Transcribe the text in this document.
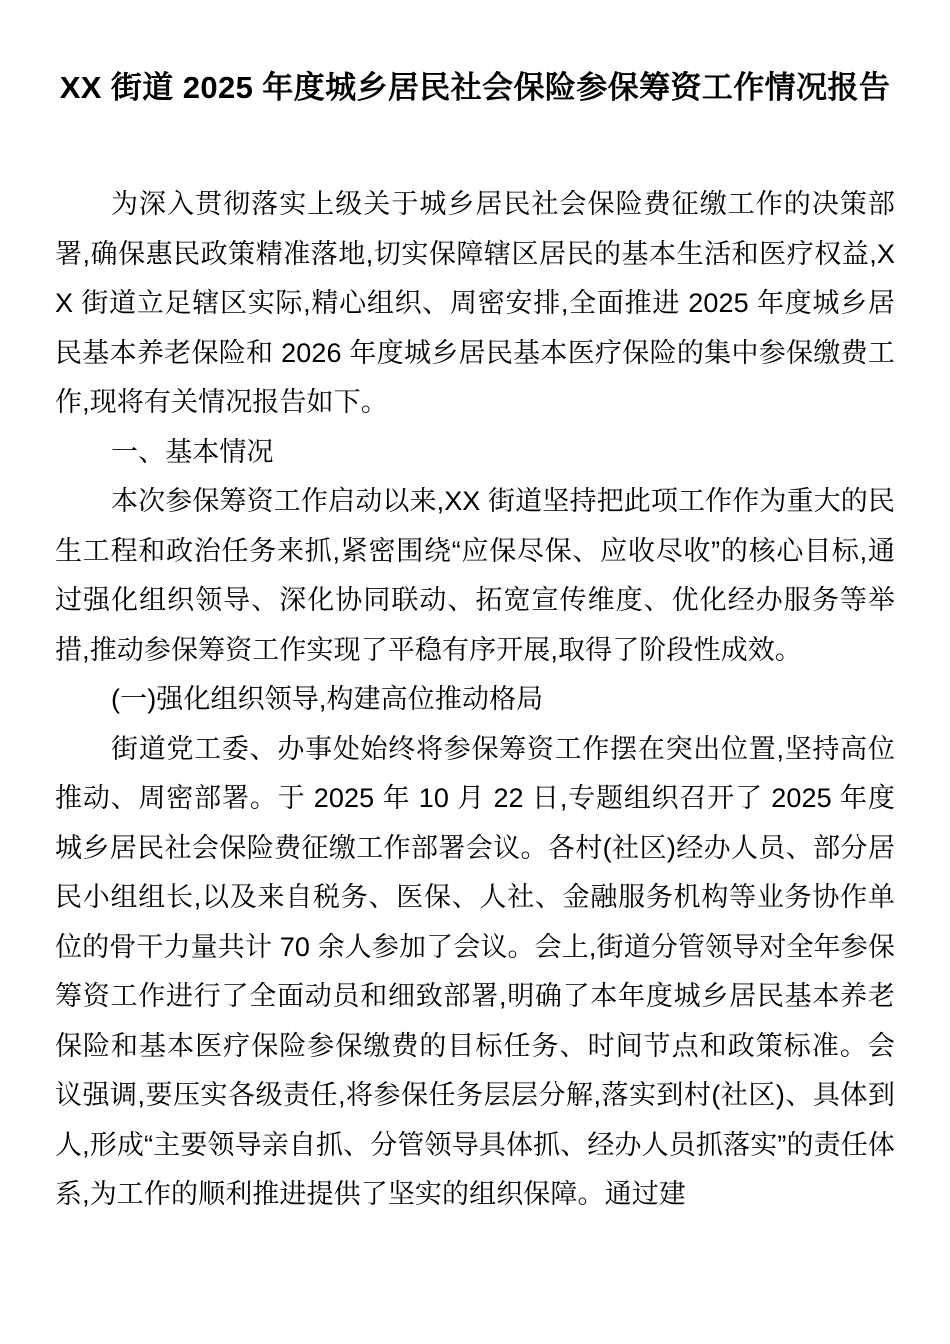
XX 街道 2025 年度城乡居民社会保险参保筹资工作情况报告

为深入贯彻落实上级关于城乡居民社会保险费征缴工作的决策部署,确保惠民政策精准落地,切实保障辖区居民的基本生活和医疗权益,XX 街道立足辖区实际,精心组织、周密安排,全面推进 2025 年度城乡居民基本养老保险和 2026 年度城乡居民基本医疗保险的集中参保缴费工作,现将有关情况报告如下。

一、基本情况

本次参保筹资工作启动以来,XX 街道坚持把此项工作作为重大的民生工程和政治任务来抓,紧密围绕“应保尽保、应收尽收”的核心目标,通过强化组织领导、深化协同联动、拓宽宣传维度、优化经办服务等举措,推动参保筹资工作实现了平稳有序开展,取得了阶段性成效。

(一)强化组织领导,构建高位推动格局

街道党工委、办事处始终将参保筹资工作摆在突出位置,坚持高位推动、周密部署。于 2025 年 10 月 22 日,专题组织召开了 2025 年度城乡居民社会保险费征缴工作部署会议。各村(社区)经办人员、部分居民小组组长,以及来自税务、医保、人社、金融服务机构等业务协作单位的骨干力量共计 70 余人参加了会议。会上,街道分管领导对全年参保筹资工作进行了全面动员和细致部署,明确了本年度城乡居民基本养老保险和基本医疗保险参保缴费的目标任务、时间节点和政策标准。会议强调,要压实各级责任,将参保任务层层分解,落实到村(社区)、具体到人,形成“主要领导亲自抓、分管领导具体抓、经办人员抓落实”的责任体系,为工作的顺利推进提供了坚实的组织保障。通过建
